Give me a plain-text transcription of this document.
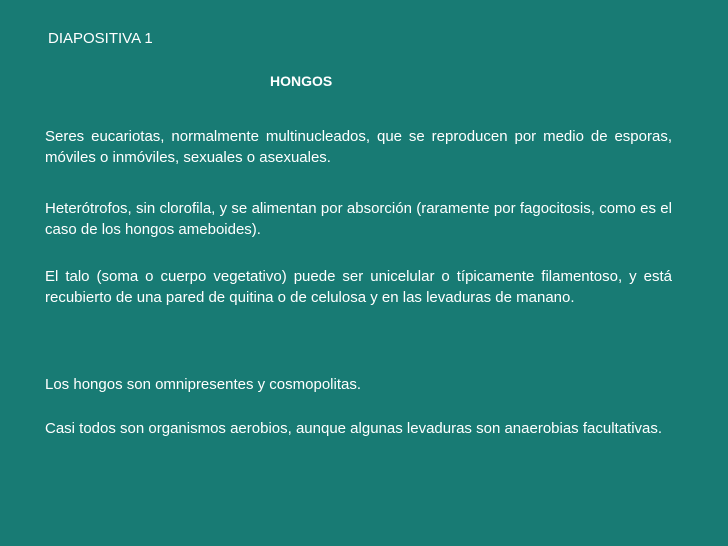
DIAPOSITIVA 1
HONGOS

Seres eucariotas, normalmente multinucleados, que se reproducen por medio de esporas, móviles o inmóviles, sexuales o asexuales.

Heterótrofos, sin clorofila, y se alimentan por absorción (raramente por fagocitosis, como es el caso de los hongos ameboides).

El talo (soma o cuerpo vegetativo) puede ser unicelular o típicamente filamentoso, y está recubierto de una pared de quitina o de celulosa y en las levaduras de manano.

Los hongos son omnipresentes y cosmopolitas.

Casi todos son organismos aerobios, aunque algunas levaduras son anaerobias facultativas.
